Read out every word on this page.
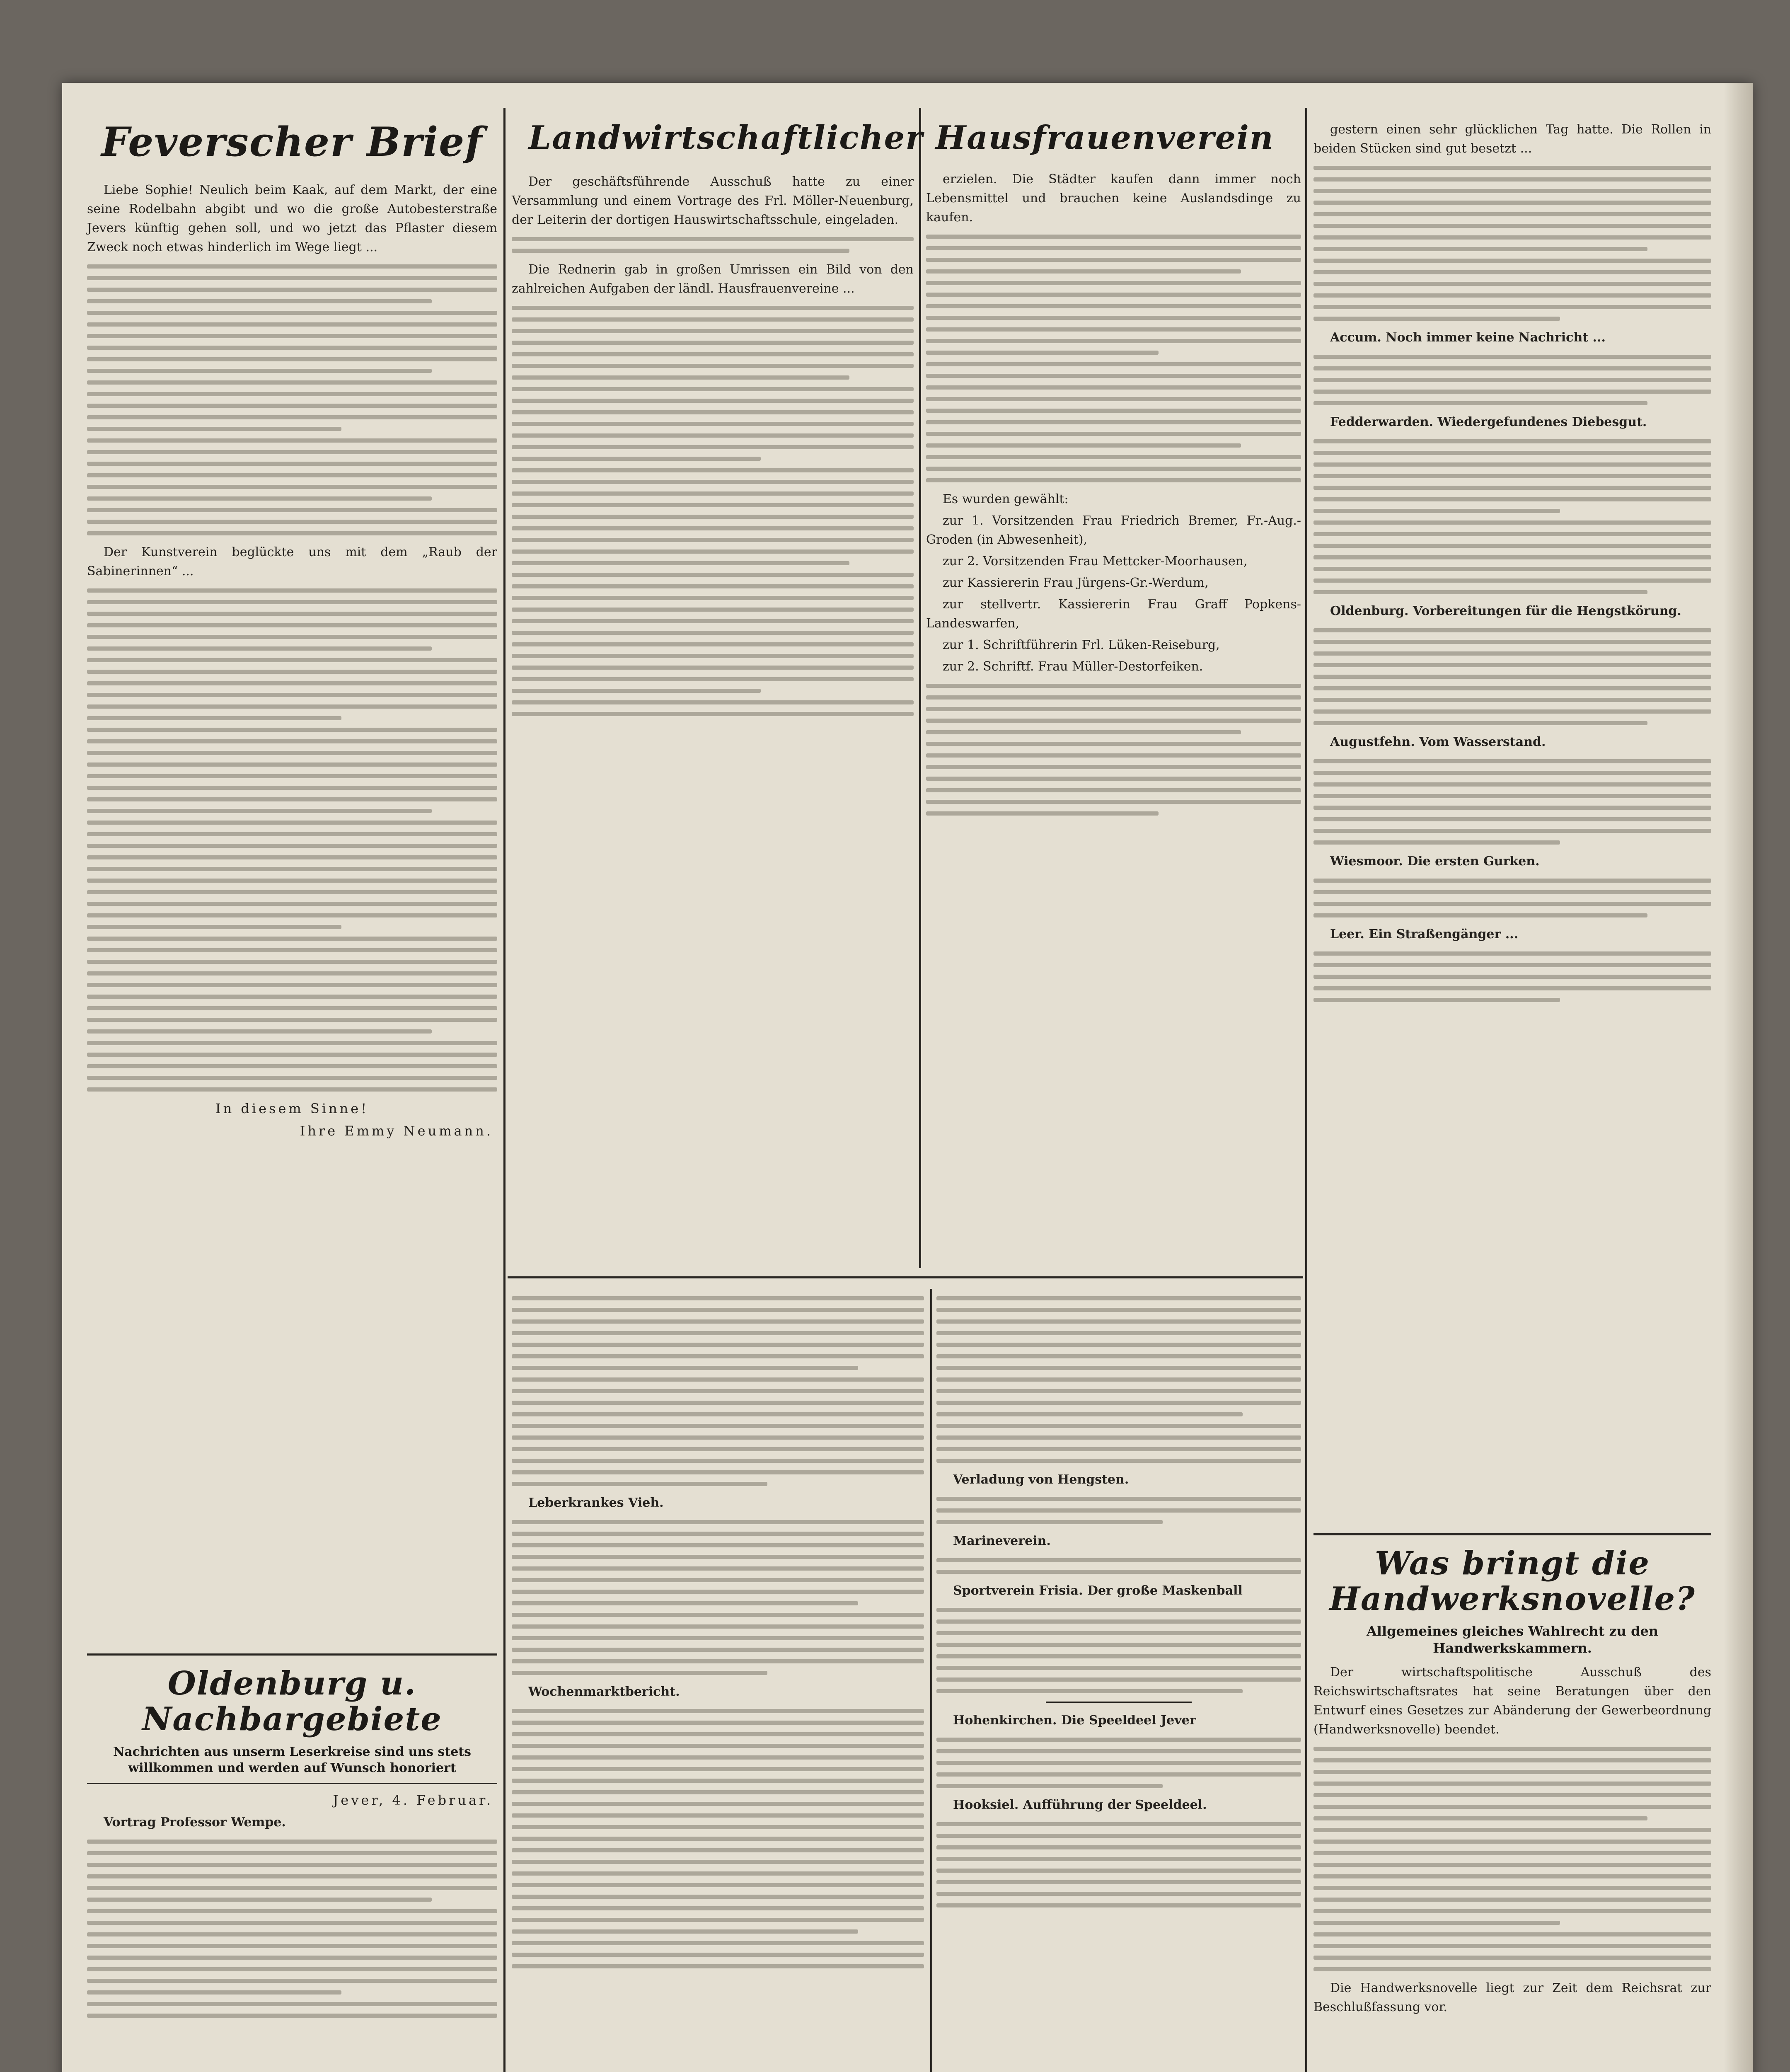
Feverscher Brief

Liebe Sophie! Neulich beim Kaak, auf dem Markt, der eine seine Rodelbahn abgibt und wo die große Autobesterstraße Jevers künftig gehen soll, und wo jetzt das Pflaster diesem Zweck noch etwas hinderlich im Wege liegt ...

Der Kunstverein beglückte uns mit dem „Raub der Sabinerinnen“ ...

In diesem Sinne!
Ihre Emmy Neumann.
Oldenburg u. Nachbargebiete
Nachrichten aus unserm Leserkreise sind uns stets willkommen und werden auf Wunsch honoriert
Jever, 4. Februar.

Vortrag Professor Wempe.

Landwirtschaftlicher Hausfrauenverein

Der geschäftsführende Ausschuß hatte zu einer Versammlung und einem Vortrage des Frl. Möller-Neuenburg, der Leiterin der dortigen Hauswirtschaftsschule, eingeladen.

Die Rednerin gab in großen Umrissen ein Bild von den zahlreichen Aufgaben der ländl. Hausfrauenvereine ...

erzielen. Die Städter kaufen dann immer noch Lebensmittel und brauchen keine Auslandsdinge zu kaufen.

Es wurden gewählt:

zur 1. Vorsitzenden Frau Friedrich Bremer, Fr.-Aug.-Groden (in Abwesenheit),

zur 2. Vorsitzenden Frau Mettcker-Moorhausen,

zur Kassiererin Frau Jürgens-Gr.-Werdum,

zur stellvertr. Kassiererin Frau Graff Popkens-Landeswarfen,

zur 1. Schriftführerin Frl. Lüken-Reiseburg,

zur 2. Schriftf. Frau Müller-Destorfeiken.

Leberkrankes Vieh.

Wochenmarktbericht.

Verladung von Hengsten.

Marineverein.

Sportverein Frisia. Der große Maskenball

Hohenkirchen. Die Speeldeel Jever

Hooksiel. Aufführung der Speeldeel.

gestern einen sehr glücklichen Tag hatte. Die Rollen in beiden Stücken sind gut besetzt ...

Accum. Noch immer keine Nachricht ...

Fedderwarden. Wiedergefundenes Diebesgut.

Oldenburg. Vorbereitungen für die Hengstkörung.

Augustfehn. Vom Wasserstand.

Wiesmoor. Die ersten Gurken.

Leer. Ein Straßengänger ...

Was bringt die Handwerksnovelle?
Allgemeines gleiches Wahlrecht zu den Handwerkskammern.

Der wirtschaftspolitische Ausschuß des Reichswirtschaftsrates hat seine Beratungen über den Entwurf eines Gesetzes zur Abänderung der Gewerbeordnung (Handwerksnovelle) beendet.

Die Handwerksnovelle liegt zur Zeit dem Reichsrat zur Beschlußfassung vor.
